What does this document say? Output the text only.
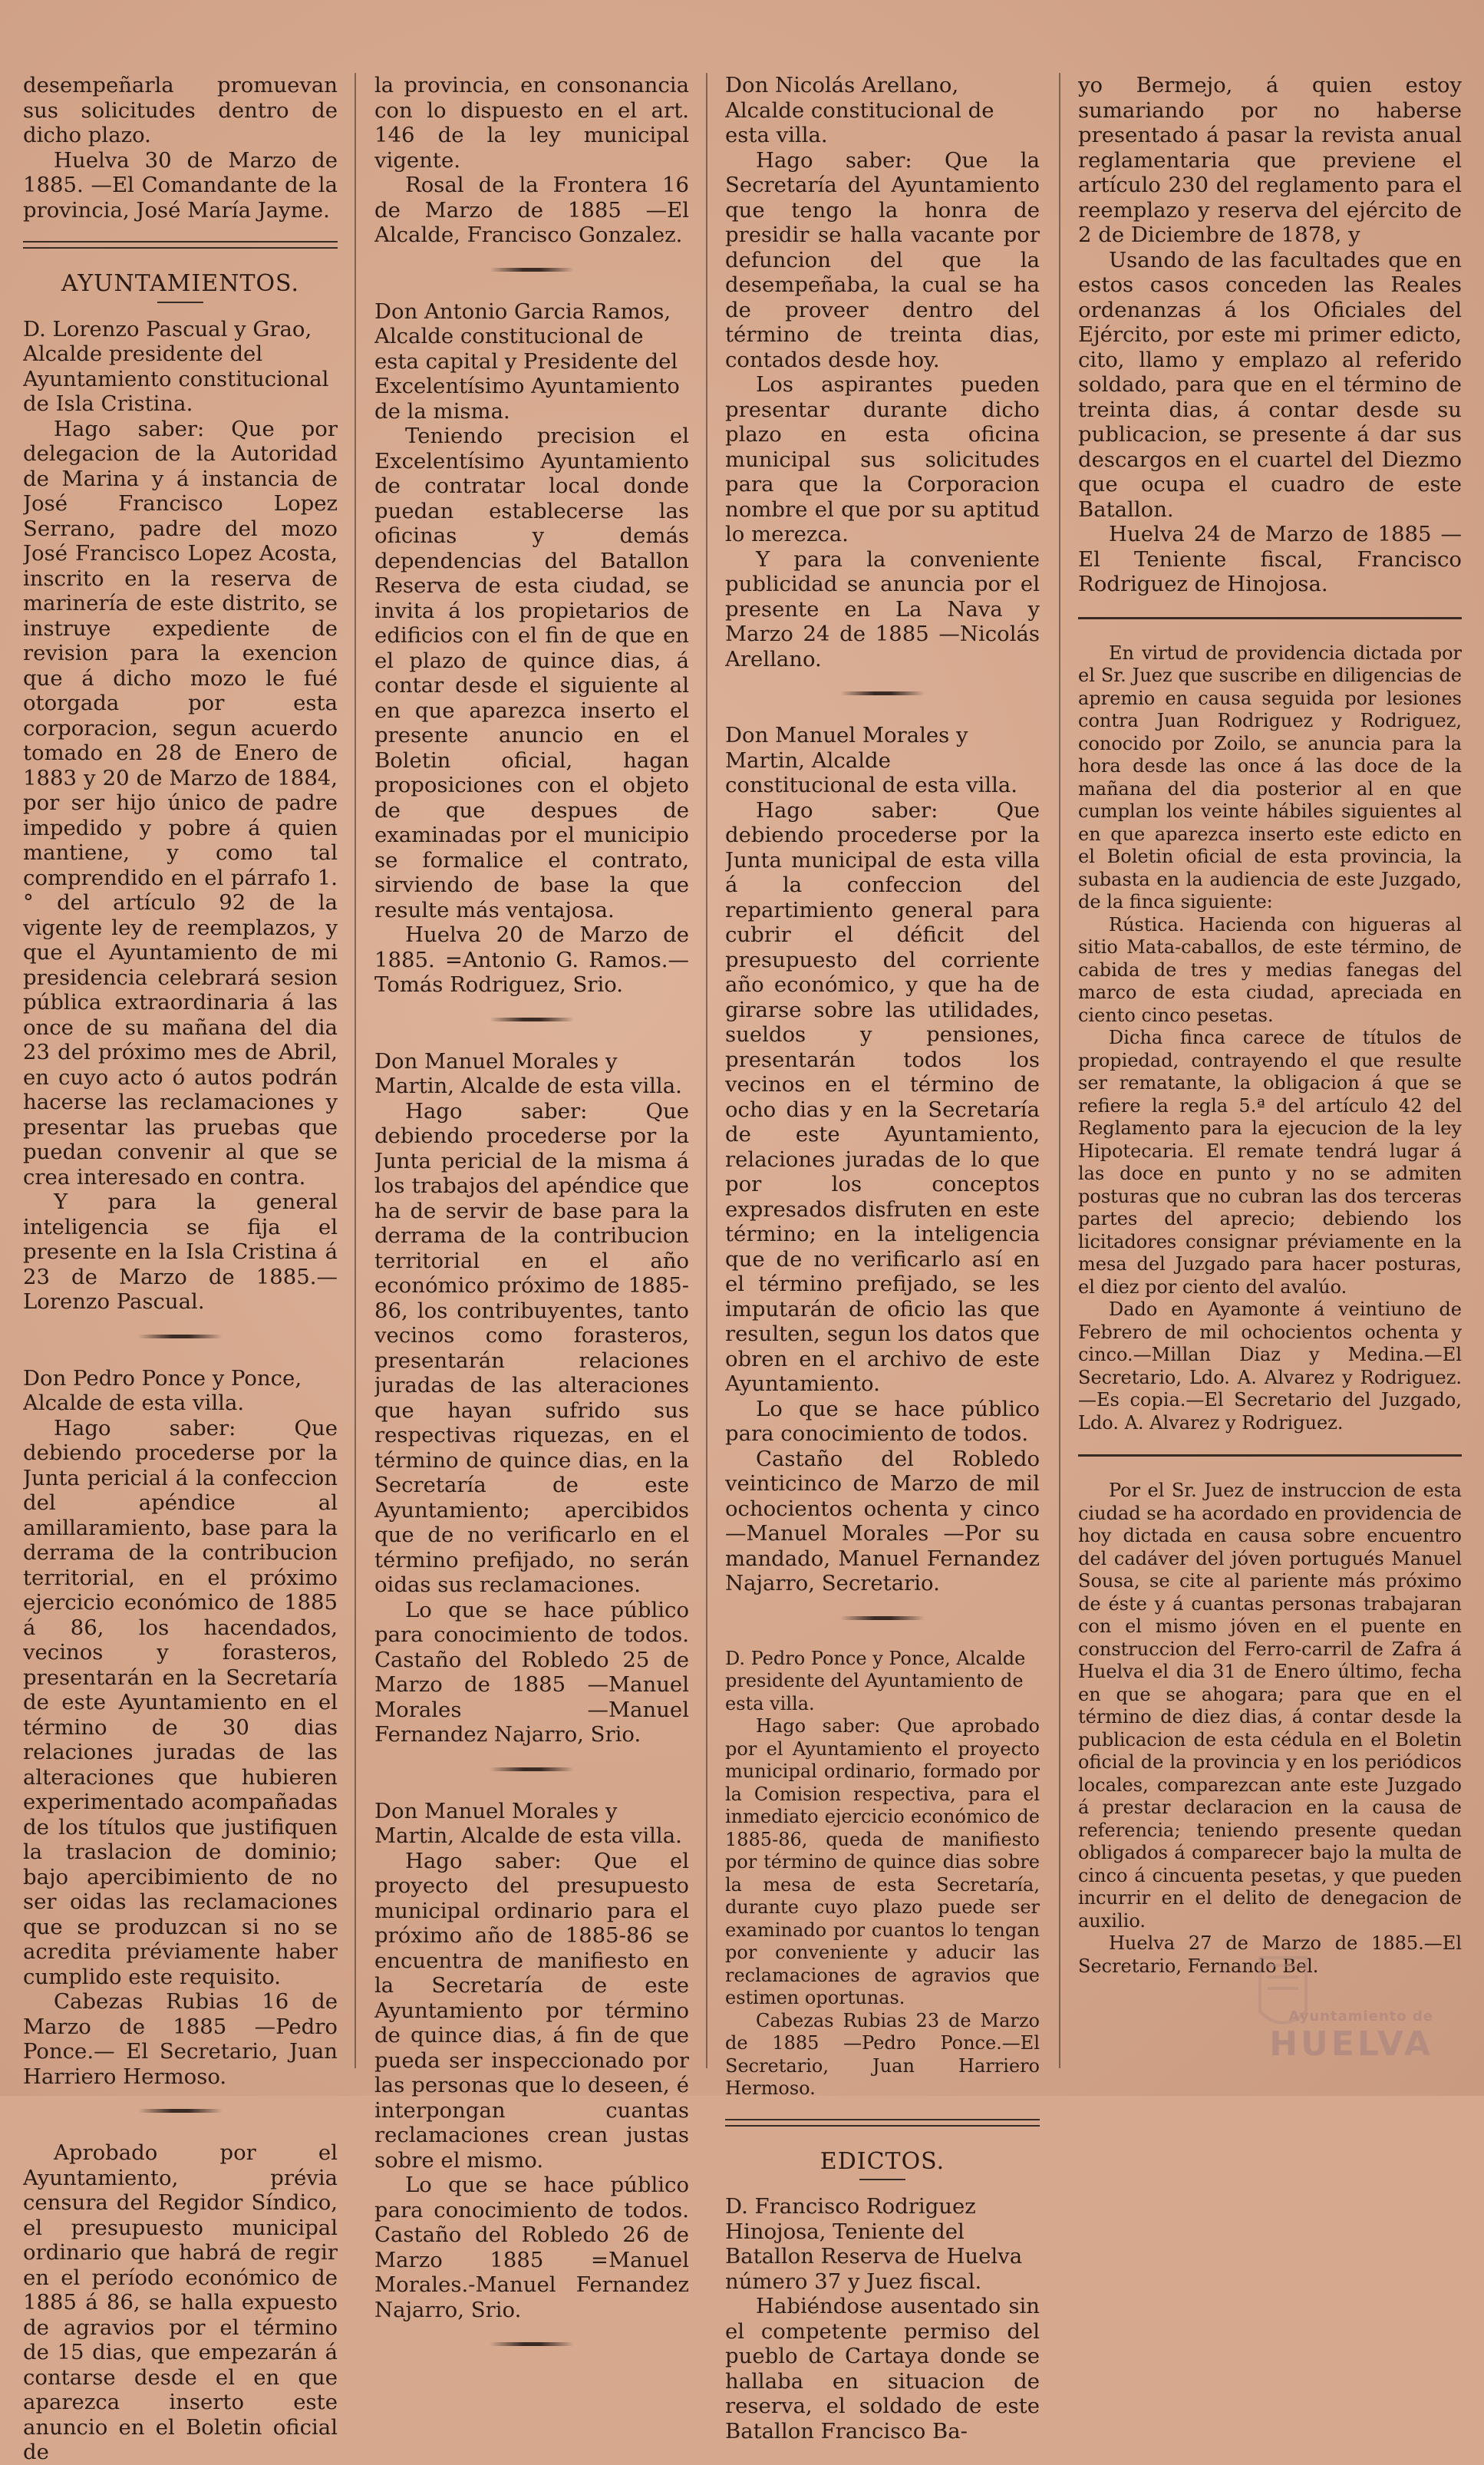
desempeñarla promuevan sus solicitudes dentro de dicho plazo.

Huelva 30 de Marzo de 1885. —El Comandante de la provincia, José María Jayme.

AYUNTAMIENTOS.

D. Lorenzo Pascual y Grao, Alcalde presidente del Ayuntamiento constitucional de Isla Cristina.

Hago saber: Que por delegacion de la Autoridad de Marina y á instancia de José Francisco Lopez Serrano, padre del mozo José Francisco Lopez Acosta, inscrito en la reserva de marinería de este distrito, se instruye expediente de revision para la exencion que á dicho mozo le fué otorgada por esta corporacion, segun acuerdo tomado en 28 de Enero de 1883 y 20 de Marzo de 1884, por ser hijo único de padre impedido y pobre á quien mantiene, y como tal comprendido en el párrafo 1.° del artículo 92 de la vigente ley de reemplazos, y que el Ayuntamiento de mi presidencia celebrará sesion pública extraordinaria á las once de su mañana del dia 23 del próximo mes de Abril, en cuyo acto ó autos podrán hacerse las reclamaciones y presentar las pruebas que puedan convenir al que se crea interesado en contra.

Y para la general inteligencia se fija el presente en la Isla Cristina á 23 de Marzo de 1885.—Lorenzo Pascual.

Don Pedro Ponce y Ponce, Alcalde de esta villa.

Hago saber: Que debiendo procederse por la Junta pericial á la confeccion del apéndice al amillaramiento, base para la derrama de la contribucion territorial, en el próximo ejercicio económico de 1885 á 86, los hacendados, vecinos y forasteros, presentarán en la Secretaría de este Ayuntamiento en el término de 30 dias relaciones juradas de las alteraciones que hubieren experimentado acompañadas de los títulos que justifiquen la traslacion de dominio; bajo apercibimiento de no ser oidas las reclamaciones que se produzcan si no se acredita préviamente haber cumplido este requisito.

Cabezas Rubias 16 de Marzo de 1885 —Pedro Ponce.— El Secretario, Juan Harriero Hermoso.

Aprobado por el Ayuntamiento, prévia censura del Regidor Síndico, el presupuesto municipal ordinario que habrá de regir en el período económico de 1885 á 86, se halla expuesto de agravios por el término de 15 dias, que empezarán á contarse desde el en que aparezca inserto este anuncio en el Boletin oficial de

la provincia, en consonancia con lo dispuesto en el art. 146 de la ley municipal vigente.

Rosal de la Frontera 16 de Marzo de 1885 —El Alcalde, Francisco Gonzalez.

Don Antonio Garcia Ramos, Alcalde constitucional de esta capital y Presidente del Excelentísimo Ayuntamiento de la misma.

Teniendo precision el Excelentísimo Ayuntamiento de contratar local donde puedan establecerse las oficinas y demás dependencias del Batallon Reserva de esta ciudad, se invita á los propietarios de edificios con el fin de que en el plazo de quince dias, á contar desde el siguiente al en que aparezca inserto el presente anuncio en el Boletin oficial, hagan proposiciones con el objeto de que despues de examinadas por el municipio se formalice el contrato, sirviendo de base la que resulte más ventajosa.

Huelva 20 de Marzo de 1885. =Antonio G. Ramos.—Tomás Rodriguez, Srio.

Don Manuel Morales y Martin, Alcalde de esta villa.

Hago saber: Que debiendo procederse por la Junta pericial de la misma á los trabajos del apéndice que ha de servir de base para la derrama de la contribucion territorial en el año económico próximo de 1885-86, los contribuyentes, tanto vecinos como forasteros, presentarán relaciones juradas de las alteraciones que hayan sufrido sus respectivas riquezas, en el término de quince dias, en la Secretaría de este Ayuntamiento; apercibidos que de no verificarlo en el término prefijado, no serán oidas sus reclamaciones.

Lo que se hace público para conocimiento de todos. Castaño del Robledo 25 de Marzo de 1885 —Manuel Morales —Manuel Fernandez Najarro, Srio.

Don Manuel Morales y Martin, Alcalde de esta villa.

Hago saber: Que el proyecto del presupuesto municipal ordinario para el próximo año de 1885-86 se encuentra de manifiesto en la Secretaría de este Ayuntamiento por término de quince dias, á fin de que pueda ser inspeccionado por las personas que lo deseen, é interpongan cuantas reclamaciones crean justas sobre el mismo.

Lo que se hace público para conocimiento de todos. Castaño del Robledo 26 de Marzo 1885 =Manuel Morales.-Manuel Fernandez Najarro, Srio.

Don Nicolás Arellano, Alcalde constitucional de esta villa.

Hago saber: Que la Secretaría del Ayuntamiento que tengo la honra de presidir se halla vacante por defuncion del que la desempeñaba, la cual se ha de proveer dentro del término de treinta dias, contados desde hoy.

Los aspirantes pueden presentar durante dicho plazo en esta oficina municipal sus solicitudes para que la Corporacion nombre el que por su aptitud lo merezca.

Y para la conveniente publicidad se anuncia por el presente en La Nava y Marzo 24 de 1885 —Nicolás Arellano.

Don Manuel Morales y Martin, Alcalde constitucional de esta villa.

Hago saber: Que debiendo procederse por la Junta municipal de esta villa á la confeccion del repartimiento general para cubrir el déficit del presupuesto del corriente año económico, y que ha de girarse sobre las utilidades, sueldos y pensiones, presentarán todos los vecinos en el término de ocho dias y en la Secretaría de este Ayuntamiento, relaciones juradas de lo que por los conceptos expresados disfruten en este término; en la inteligencia que de no verificarlo así en el término prefijado, se les imputarán de oficio las que resulten, segun los datos que obren en el archivo de este Ayuntamiento.

Lo que se hace público para conocimiento de todos.

Castaño del Robledo veinticinco de Marzo de mil ochocientos ochenta y cinco —Manuel Morales —Por su mandado, Manuel Fernandez Najarro, Secretario.

D. Pedro Ponce y Ponce, Alcalde presidente del Ayuntamiento de esta villa.

Hago saber: Que aprobado por el Ayuntamiento el proyecto municipal ordinario, formado por la Comision respectiva, para el inmediato ejercicio económico de 1885-86, queda de manifiesto por término de quince dias sobre la mesa de esta Secretaría, durante cuyo plazo puede ser examinado por cuantos lo tengan por conveniente y aducir las reclamaciones de agravios que estimen oportunas.

Cabezas Rubias 23 de Marzo de 1885 —Pedro Ponce.—El Secretario, Juan Harriero Hermoso.

EDICTOS.

D. Francisco Rodriguez Hinojosa, Teniente del Batallon Reserva de Huelva número 37 y Juez fiscal.

Habiéndose ausentado sin el competente permiso del pueblo de Cartaya donde se hallaba en situacion de reserva, el soldado de este Batallon Francisco Ba-

yo Bermejo, á quien estoy sumariando por no haberse presentado á pasar la revista anual reglamentaria que previene el artículo 230 del reglamento para el reemplazo y reserva del ejército de 2 de Diciembre de 1878, y

Usando de las facultades que en estos casos conceden las Reales ordenanzas á los Oficiales del Ejército, por este mi primer edicto, cito, llamo y emplazo al referido soldado, para que en el término de treinta dias, á contar desde su publicacion, se presente á dar sus descargos en el cuartel del Diezmo que ocupa el cuadro de este Batallon.

Huelva 24 de Marzo de 1885 —El Teniente fiscal, Francisco Rodriguez de Hinojosa.

En virtud de providencia dictada por el Sr. Juez que suscribe en diligencias de apremio en causa seguida por lesiones contra Juan Rodriguez y Rodriguez, conocido por Zoilo, se anuncia para la hora desde las once á las doce de la mañana del dia posterior al en que cumplan los veinte hábiles siguientes al en que aparezca inserto este edicto en el Boletin oficial de esta provincia, la subasta en la audiencia de este Juzgado, de la finca siguiente:

Rústica. Hacienda con higueras al sitio Mata-caballos, de este término, de cabida de tres y medias fanegas del marco de esta ciudad, apreciada en ciento cinco pesetas.

Dicha finca carece de títulos de propiedad, contrayendo el que resulte ser rematante, la obligacion á que se refiere la regla 5.ª del artículo 42 del Reglamento para la ejecucion de la ley Hipotecaria. El remate tendrá lugar á las doce en punto y no se admiten posturas que no cubran las dos terceras partes del aprecio; debiendo los licitadores consignar préviamente en la mesa del Juzgado para hacer posturas, el diez por ciento del avalúo.

Dado en Ayamonte á veintiuno de Febrero de mil ochocientos ochenta y cinco.—Millan Diaz y Medina.—El Secretario, Ldo. A. Alvarez y Rodriguez.—Es copia.—El Secretario del Juzgado, Ldo. A. Alvarez y Rodriguez.

Por el Sr. Juez de instruccion de esta ciudad se ha acordado en providencia de hoy dictada en causa sobre encuentro del cadáver del jóven portugués Manuel Sousa, se cite al pariente más próximo de éste y á cuantas personas trabajaran con el mismo jóven en el puente en construccion del Ferro-carril de Zafra á Huelva el dia 31 de Enero último, fecha en que se ahogara; para que en el término de diez dias, á contar desde la publicacion de esta cédula en el Boletin oficial de la provincia y en los periódicos locales, comparezcan ante este Juzgado á prestar declaracion en la causa de referencia; teniendo presente quedan obligados á comparecer bajo la multa de cinco á cincuenta pesetas, y que pueden incurrir en el delito de denegacion de auxilio.

Huelva 27 de Marzo de 1885.—El Secretario, Fernando Bel.

Ayuntamiento de
HUELVA
